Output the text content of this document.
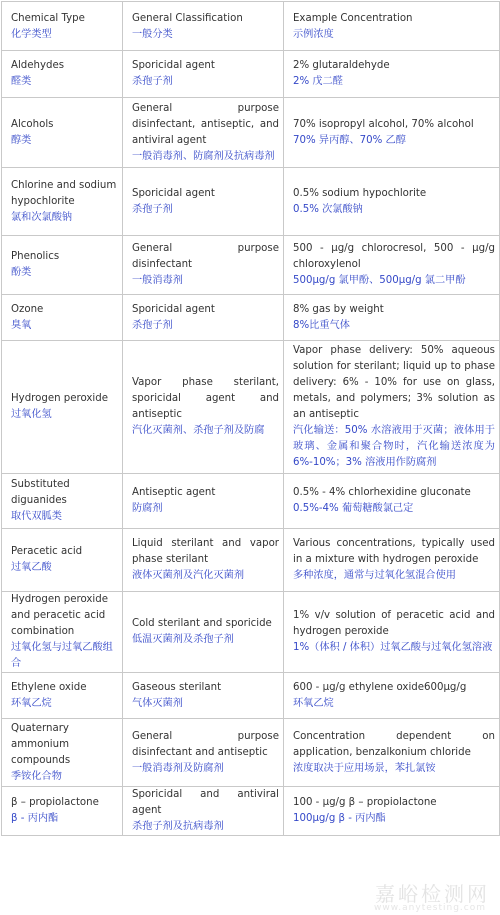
Chemical Type
化学类型	General Classification
一般分类	Example Concentration
示例浓度

Aldehydes
醛类	Sporicidal agent
杀孢子剂	2% glutaraldehyde
2% 戊二醛

Alcohols
醇类	General purpose disinfectant, antiseptic, and antiviral agent
一般消毒剂、防腐剂及抗病毒剂	70% isopropyl alcohol, 70% alcohol
70% 异丙醇、70% 乙醇

Chlorine and sodium hypochlorite
氯和次氯酸钠	Sporicidal agent
杀孢子剂	0.5% sodium hypochlorite
0.5% 次氯酸钠

Phenolics
酚类	General purpose disinfectant
一般消毒剂	500 - µg/g chlorocresol, 500 - µg/g chloroxylenol
500µg/g 氯甲酚、500µg/g 氯二甲酚

Ozone
臭氧	Sporicidal agent
杀孢子剂	8% gas by weight
8%比重气体

Hydrogen peroxide
过氧化氢	Vapor phase sterilant, sporicidal agent and antiseptic
汽化灭菌剂、杀孢子剂及防腐	Vapor phase delivery: 50% aqueous solution for sterilant; liquid up to phase delivery: 6% - 10% for use on glass, metals, and polymers; 3% solution as an antiseptic
汽化输送：50% 水溶液用于灭菌；液体用于玻璃、金属和聚合物时，汽化输送浓度为 6%-10%；3% 溶液用作防腐剂

Substituted diguanides
取代双胍类	Antiseptic agent
防腐剂	0.5% - 4% chlorhexidine gluconate
0.5%-4% 葡萄糖酸氯己定

Peracetic acid
过氧乙酸	Liquid sterilant and vapor phase sterilant
液体灭菌剂及汽化灭菌剂	Various concentrations, typically used in a mixture with hydrogen peroxide
多种浓度，通常与过氧化氢混合使用

Hydrogen peroxide and peracetic acid combination
过氧化氢与过氧乙酸组合	Cold sterilant and sporicide
低温灭菌剂及杀孢子剂	1% v/v solution of peracetic acid and hydrogen peroxide
1%（体积 / 体积）过氧乙酸与过氧化氢溶液

Ethylene oxide
环氧乙烷	Gaseous sterilant
气体灭菌剂	600 - µg/g ethylene oxide600µg/g
环氧乙烷

Quaternary ammonium compounds
季铵化合物	General purpose disinfectant and antiseptic
一般消毒剂及防腐剂	Concentration dependent on application, benzalkonium chloride
浓度取决于应用场景，苯扎氯铵

β – propiolactone
β - 丙内酯	Sporicidal and antiviral agent
杀孢子剂及抗病毒剂	100 - µg/g β – propiolactone
100µg/g β - 丙内酯
嘉峪检测网
www.anytesting.com
